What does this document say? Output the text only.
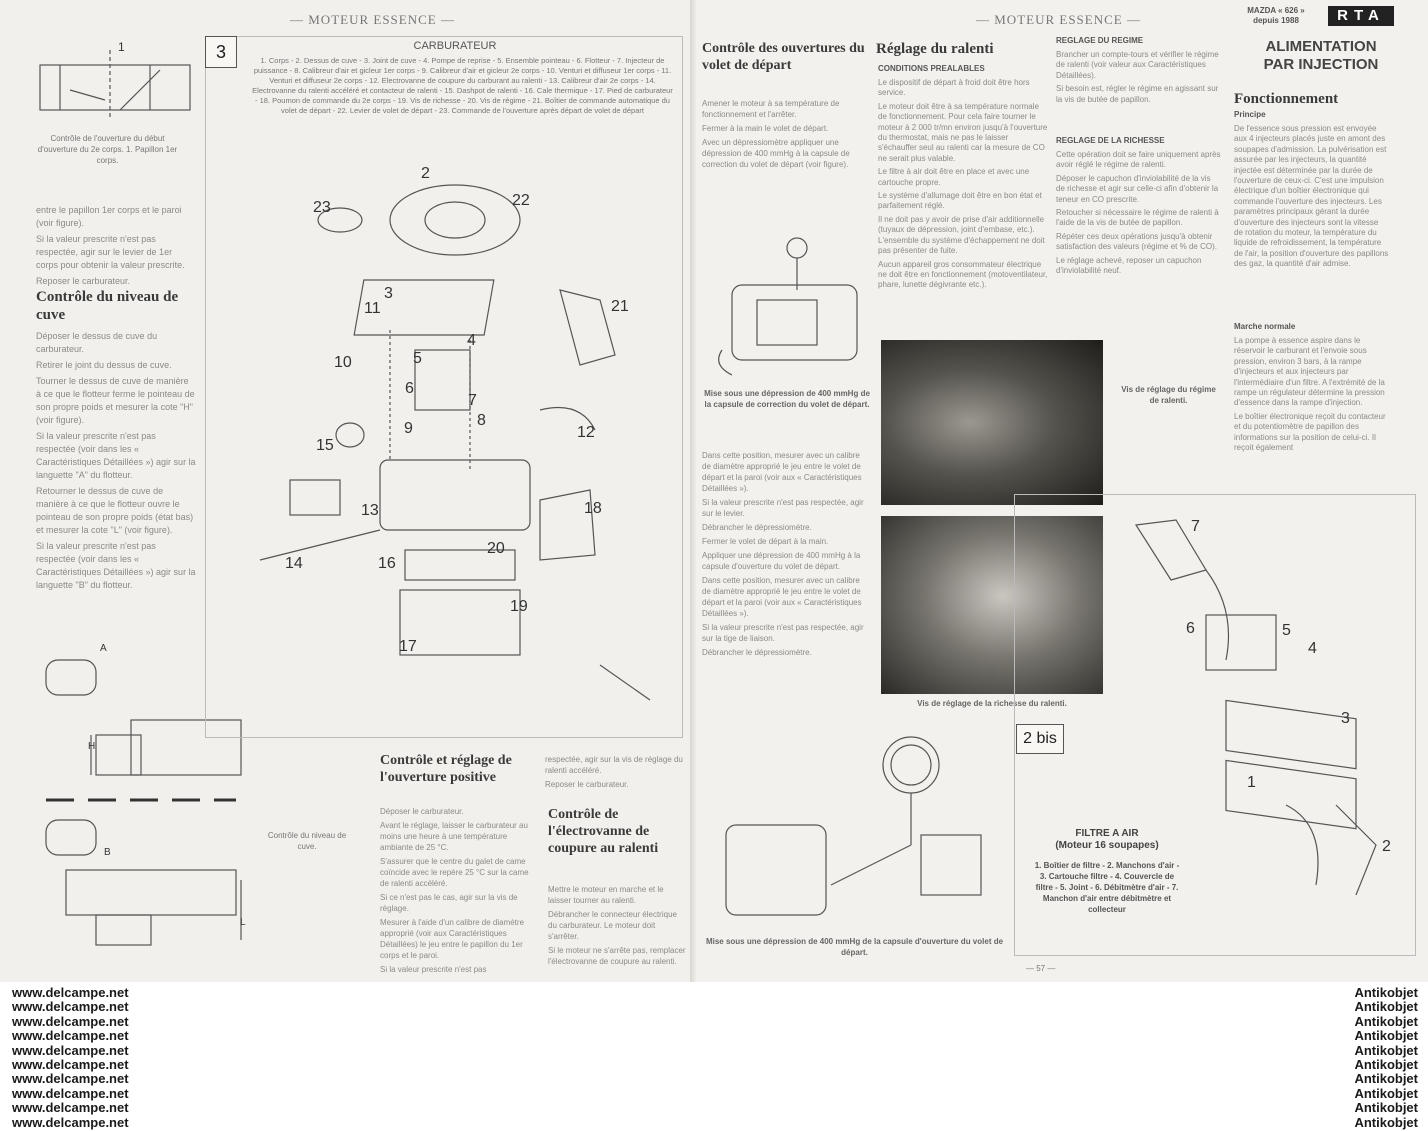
— MOTEUR ESSENCE —
1
Contrôle de l'ouverture du début d'ouverture du 2e corps. 1. Papillon 1er corps.

entre le papillon 1er corps et le paroi (voir figure).

Si la valeur prescrite n'est pas respectée, agir sur le levier de 1er corps pour obtenir la valeur prescrite.

Reposer le carburateur.

Contrôle du niveau de cuve

Déposer le dessus de cuve du carburateur.

Retirer le joint du dessus de cuve.

Tourner le dessus de cuve de manière à ce que le flotteur ferme le pointeau de son propre poids et mesurer la cote "H" (voir figure).

Si la valeur prescrite n'est pas respectée (voir dans les « Caractéristiques Détaillées ») agir sur la languette "A" du flotteur.

Retourner le dessus de cuve de manière à ce que le flotteur ouvre le pointeau de son propre poids (état bas) et mesurer la cote "L" (voir figure).

Si la valeur prescrite n'est pas respectée (voir dans les « Caractéristiques Détaillées ») agir sur la languette "B" du flotteur.

A
B
H
L
Contrôle du niveau de cuve.
3	CARBURATEUR
1. Corps - 2. Dessus de cuve - 3. Joint de cuve - 4. Pompe de reprise - 5. Ensemble pointeau - 6. Flotteur - 7. Injecteur de puissance - 8. Calibreur d'air et gicleur 1er corps - 9. Calibreur d'air et gicleur 2e corps - 10. Venturi et diffuseur 1er corps - 11. Venturi et diffuseur 2e corps - 12. Electrovanne de coupure du carburant au ralenti - 13. Calibreur d'air 2e corps - 14. Electrovanne du ralenti accéléré et contacteur de ralenti - 15. Dashpot de ralenti - 16. Cale thermique - 17. Pied de carburateur - 18. Poumon de commande du 2e corps - 19. Vis de richesse - 20. Vis de régime - 21. Boîtier de commande automatique du volet de départ - 22. Levier de volet de départ - 23. Commande de l'ouverture après départ de volet de départ
2
22
23
3
21
11
4
5
10
6
7
8
9	12
15
13	18
20
14	16
19
17
Contrôle et réglage de l'ouverture positive

Déposer le carburateur.

Avant le réglage, laisser le carburateur au moins une heure à une température ambiante de 25 °C.

S'assurer que le centre du galet de came coïncide avec le repère 25 °C sur la came de ralenti accéléré.

Si ce n'est pas le cas, agir sur la vis de réglage.

Mesurer à l'aide d'un calibre de diamètre approprié (voir aux Caractéristiques Détaillées) le jeu entre le papillon du 1er corps et le paroi.

Si la valeur prescrite n'est pas

respectée, agir sur la vis de réglage du ralenti accéléré.

Reposer le carburateur.

Contrôle de l'électrovanne de coupure au ralenti

Mettre le moteur en marche et le laisser tourner au ralenti.

Débrancher le connecteur électrique du carburateur. Le moteur doit s'arrêter.

Si le moteur ne s'arrête pas, remplacer l'électrovanne de coupure au ralenti.

— MOTEUR ESSENCE —
MAZDA « 626 »
depuis 1988	RTA
ALIMENTATION
PAR INJECTION
Contrôle des ouvertures du volet de départ

Amener le moteur à sa température de fonctionnement et l'arrêter.

Fermer à la main le volet de départ.

Avec un dépressiomètre appliquer une dépression de 400 mmHg à la capsule de correction du volet de départ (voir figure).

Mise sous une dépression de 400 mmHg de la capsule de correction du volet de départ.

Dans cette position, mesurer avec un calibre de diamètre approprié le jeu entre le volet de départ et la paroi (voir aux « Caractéristiques Détaillées »).

Si la valeur prescrite n'est pas respectée, agir sur le levier.

Débrancher le dépressiomètre.

Fermer le volet de départ à la main.

Appliquer une dépression de 400 mmHg à la capsule d'ouverture du volet de départ.

Dans cette position, mesurer avec un calibre de diamètre approprié le jeu entre le volet de départ et la paroi (voir aux « Caractéristiques Détaillées »).

Si la valeur prescrite n'est pas respectée, agir sur la tige de liaison.

Débrancher le dépressiomètre.

Réglage du ralenti
CONDITIONS PREALABLES

Le dispositif de départ à froid doit être hors service.

Le moteur doit être à sa température normale de fonctionnement. Pour cela faire tourner le moteur à 2 000 tr/mn environ jusqu'à l'ouverture du thermostat, mais ne pas le laisser s'échauffer seul au ralenti car la mesure de CO ne serait plus valable.

Le filtre à air doit être en place et avec une cartouche propre.

Le système d'allumage doit être en bon état et parfaitement réglé.

Il ne doit pas y avoir de prise d'air additionnelle (tuyaux de dépression, joint d'embase, etc.). L'ensemble du système d'échappement ne doit pas présenter de fuite.

Aucun appareil gros consommateur électrique ne doit être en fonctionnement (motoventilateur, phare, lunette dégivrante etc.).

REGLAGE DU REGIME

Brancher un compte-tours et vérifier le régime de ralenti (voir valeur aux Caractéristiques Détaillées).

Si besoin est, régler le régime en agissant sur la vis de butée de papillon.

REGLAGE DE LA RICHESSE

Cette opération doit se faire uniquement après avoir réglé le régime de ralenti.

Déposer le capuchon d'inviolabilité de la vis de richesse et agir sur celle-ci afin d'obtenir la teneur en CO prescrite.

Retoucher si nécessaire le régime de ralenti à l'aide de la vis de butée de papillon.

Répéter ces deux opérations jusqu'à obtenir satisfaction des valeurs (régime et % de CO).

Le réglage achevé, reposer un capuchon d'inviolabilité neuf.

Vis de réglage du régime de ralenti.
Vis de réglage de la richesse du ralenti.
Mise sous une dépression de 400 mmHg de la capsule d'ouverture du volet de départ.
Fonctionnement
Principe

De l'essence sous pression est envoyée aux 4 injecteurs placés juste en amont des soupapes d'admission. La pulvérisation est assurée par les injecteurs, la quantité injectée est déterminée par la durée de l'ouverture de ceux-ci. C'est une impulsion électrique d'un boîtier électronique qui commande l'ouverture des injecteurs. Les paramètres principaux gérant la durée d'ouverture des injecteurs sont la vitesse de rotation du moteur, la température du liquide de refroidissement, la température de l'air, la position d'ouverture des papillons des gaz, la quantité d'air admise.

Marche normale

La pompe à essence aspire dans le réservoir le carburant et l'envoie sous pression, environ 3 bars, à la rampe d'injecteurs et aux injecteurs par l'intermédiaire d'un filtre. A l'extrémité de la rampe un régulateur détermine la pression d'essence dans la rampe d'injection.

Le boîtier électronique reçoit du contacteur et du potentiomètre de papillon des informations sur la position de celui-ci. Il reçoit également

2 bis
7
6	5
4
3
1
2
FILTRE A AIR
(Moteur 16 soupapes)
1. Boîtier de filtre - 2. Manchons d'air - 3. Cartouche filtre - 4. Couvercle de filtre - 5. Joint - 6. Débitmètre d'air - 7. Manchon d'air entre débitmètre et collecteur
— 57 —
www.delcampe.net
www.delcampe.net
www.delcampe.net
www.delcampe.net
www.delcampe.net
www.delcampe.net
www.delcampe.net
www.delcampe.net
www.delcampe.net
www.delcampe.net
Antikobjet
Antikobjet
Antikobjet
Antikobjet
Antikobjet
Antikobjet
Antikobjet
Antikobjet
Antikobjet
Antikobjet
